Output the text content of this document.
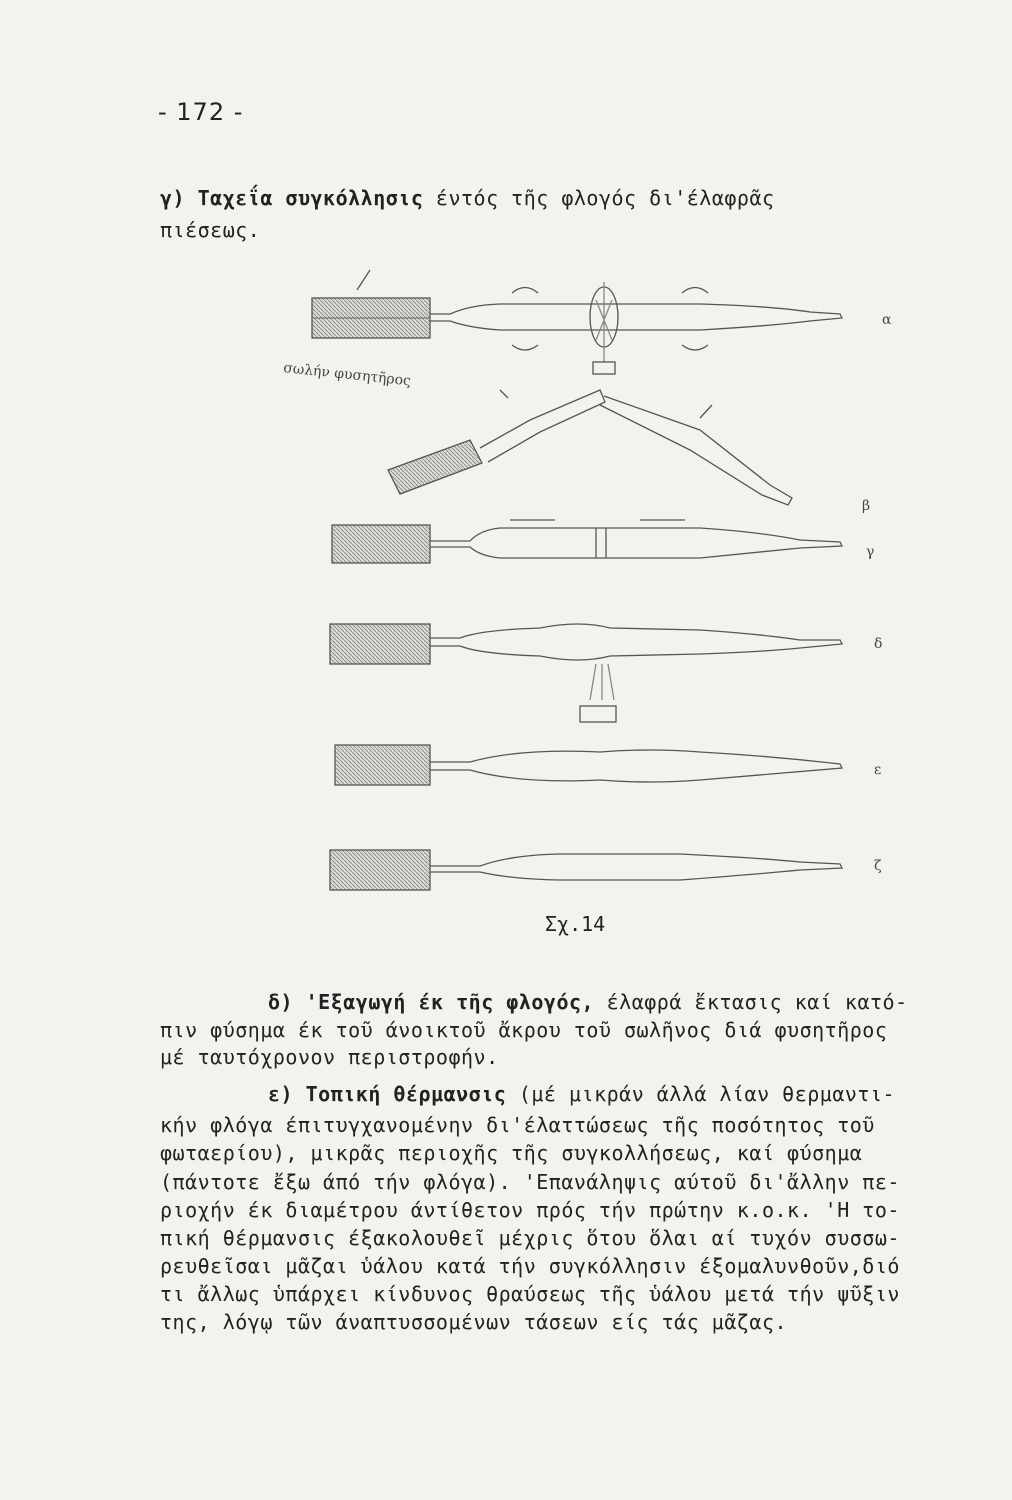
- 172 -
γ) Ταχεΐα συγκόλλησις έντός τῆς φλογός δι'έλαφρᾶς
πιέσεως.
σωλήν φυσητῆρος
α
β
γ
δ
ε
ζ
Σχ.14
δ) 'Εξαγωγή έκ τῆς φλογός, έλαφρά ἔκτασις καί κατό-
πιν φύσημα έκ τοῦ άνοικτοῦ ἄκρου τοῦ σωλῆνος διά φυσητῆρος
μέ ταυτόχρονον περιστροφήν.
ε) Τοπική θέρμανσις (μέ μικράν άλλά λίαν θερμαντι-
κήν φλόγα έπιτυγχανομένην δι'έλαττώσεως τῆς ποσότητος τοῦ
φωταερίου), μικρᾶς περιοχῆς τῆς συγκολλήσεως, καί φύσημα
(πάντοτε ἔξω άπό τήν φλόγα). 'Επανάληψις αύτοῦ δι'ἄλλην πε-
ριοχήν έκ διαμέτρου άντίθετον πρός τήν πρώτην κ.ο.κ. 'Η το-
πική θέρμανσις έξακολουθεῖ μέχρις ὅτου ὅλαι αί τυχόν συσσω-
ρευθεῖσαι μᾶζαι ὑάλου κατά τήν συγκόλλησιν έξομαλυνθοῦν,διό
τι ἄλλως ὑπάρχει κίνδυνος θραύσεως τῆς ὑάλου μετά τήν ψῦξιν
της, λόγῳ τῶν άναπτυσσομένων τάσεων είς τάς μᾶζας.
